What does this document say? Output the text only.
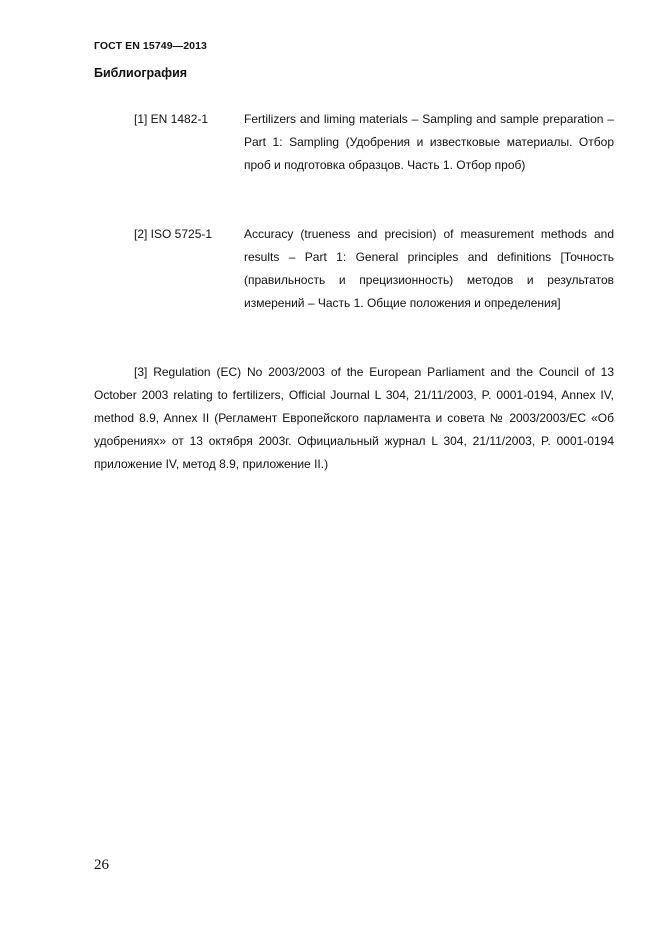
ГОСТ EN 15749—2013
Библиография
[1] EN 1482-1	Fertilizers and liming materials – Sampling and sample preparation – Part 1: Sampling (Удобрения и известковые материалы. Отбор проб и подготовка образцов. Часть 1. Отбор проб)
[2] ISO 5725-1	Accuracy (trueness and precision) of measurement methods and results – Part 1: General principles and definitions [Точность (правильность и прецизионность) методов и результатов измерений – Часть 1. Общие положения и определения]
[3] Regulation (EC) No 2003/2003 of the European Parliament and the Council of 13 October 2003 relating to fertilizers, Official Journal L 304, 21/11/2003, P. 0001-0194, Annex IV, method 8.9, Annex II (Регламент Европейского парламента и совета № 2003/2003/EC «Об удобрениях» от 13 октября 2003г. Официальный журнал L 304, 21/11/2003, P. 0001-0194 приложение IV, метод 8.9, приложение II.)
26
